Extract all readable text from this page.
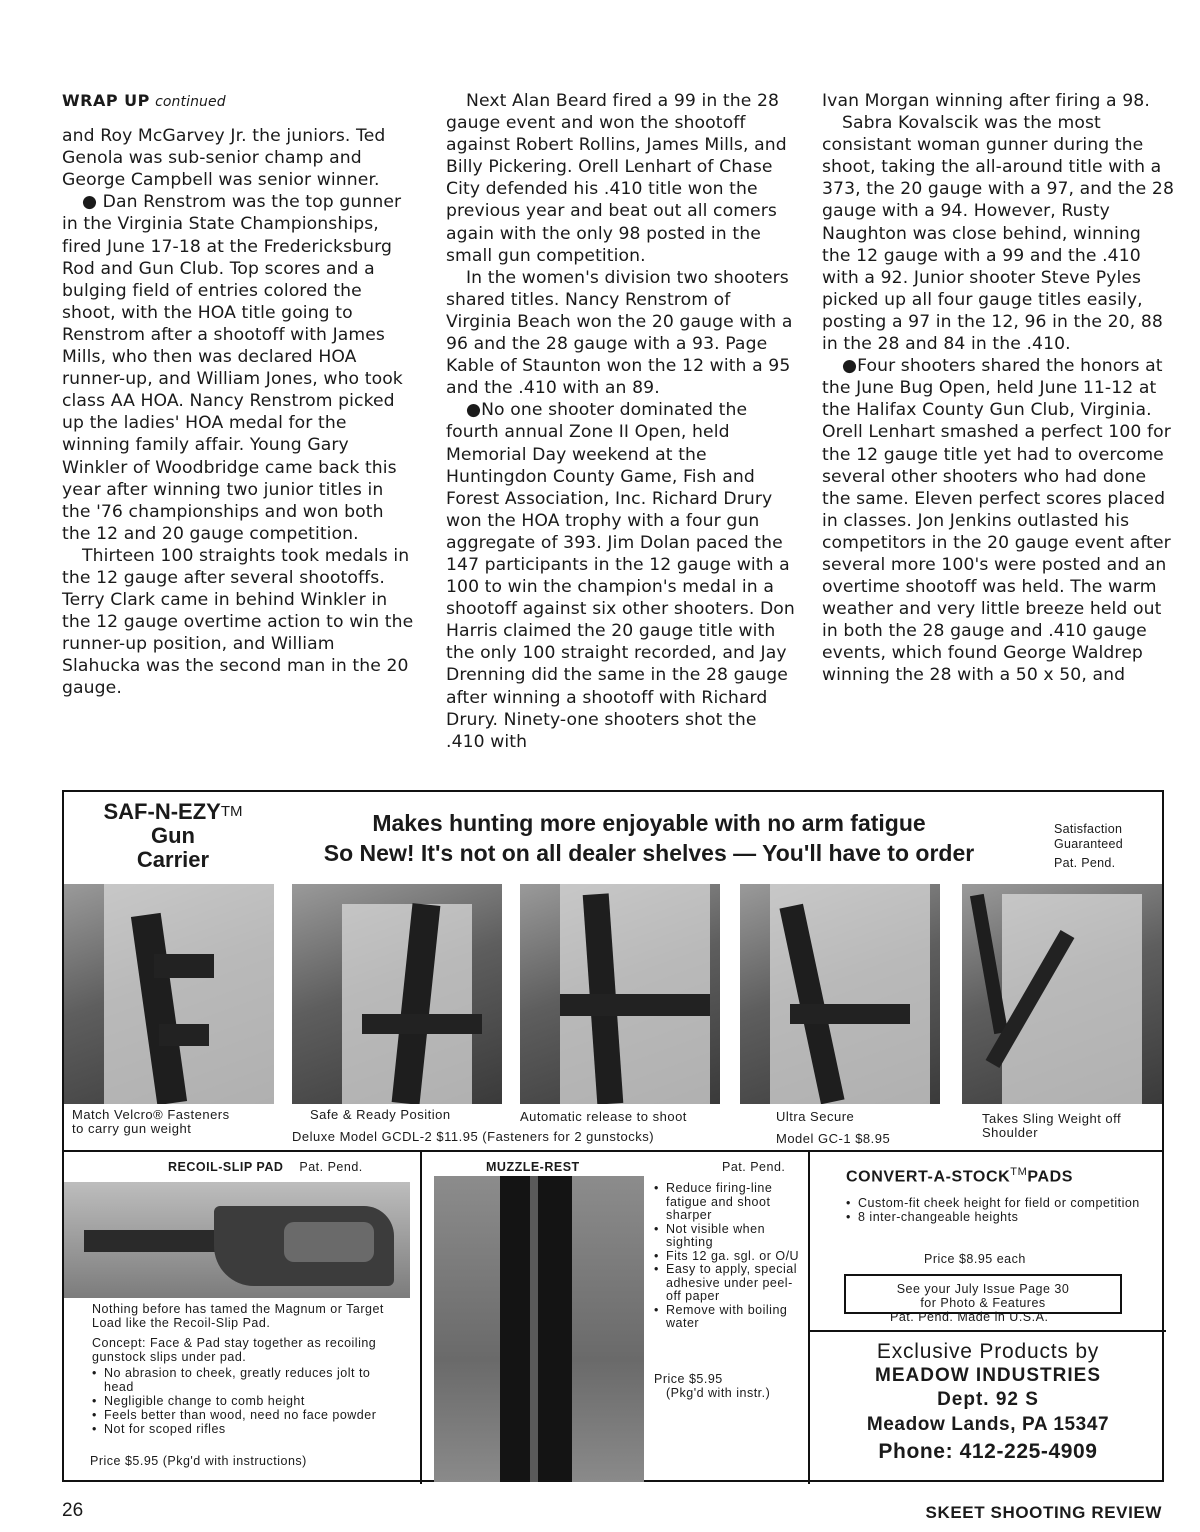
WRAP UP continued

and Roy McGarvey Jr. the juniors. Ted Genola was sub-senior champ and George Campbell was senior winner.

● Dan Renstrom was the top gunner in the Virginia State Championships, fired June 17-18 at the Fredericksburg Rod and Gun Club. Top scores and a bulging field of entries colored the shoot, with the HOA title going to Renstrom after a shootoff with James Mills, who then was declared HOA runner-up, and William Jones, who took class AA HOA. Nancy Renstrom picked up the ladies' HOA medal for the winning family affair. Young Gary Winkler of Woodbridge came back this year after winning two junior titles in the '76 championships and won both the 12 and 20 gauge competition.

Thirteen 100 straights took medals in the 12 gauge after several shootoffs. Terry Clark came in behind Winkler in the 12 gauge overtime action to win the runner-up position, and William Slahucka was the second man in the 20 gauge.

Next Alan Beard fired a 99 in the 28 gauge event and won the shootoff against Robert Rollins, James Mills, and Billy Pickering. Orell Lenhart of Chase City defended his .410 title won the previous year and beat out all comers again with the only 98 posted in the small gun competition.

In the women's division two shooters shared titles. Nancy Renstrom of Virginia Beach won the 20 gauge with a 96 and the 28 gauge with a 93. Page Kable of Staunton won the 12 with a 95 and the .410 with an 89.

●No one shooter dominated the fourth annual Zone II Open, held Memorial Day weekend at the Huntingdon County Game, Fish and Forest Association, Inc. Richard Drury won the HOA trophy with a four gun aggregate of 393. Jim Dolan paced the 147 participants in the 12 gauge with a 100 to win the champion's medal in a shootoff against six other shooters. Don Harris claimed the 20 gauge title with the only 100 straight recorded, and Jay Drenning did the same in the 28 gauge after winning a shootoff with Richard Drury. Ninety-one shooters shot the .410 with

Ivan Morgan winning after firing a 98.

Sabra Kovalscik was the most consistant woman gunner during the shoot, taking the all-around title with a 373, the 20 gauge with a 97, and the 28 gauge with a 94. However, Rusty Naughton was close behind, winning the 12 gauge with a 99 and the .410 with a 92. Junior shooter Steve Pyles picked up all four gauge titles easily, posting a 97 in the 12, 96 in the 20, 88 in the 28 and 84 in the .410.

●Four shooters shared the honors at the June Bug Open, held June 11-12 at the Halifax County Gun Club, Virginia. Orell Lenhart smashed a perfect 100 for the 12 gauge title yet had to overcome several other shooters who had done the same. Eleven perfect scores placed in classes. Jon Jenkins outlasted his competitors in the 20 gauge event after several more 100's were posted and an overtime shootoff was held. The warm weather and very little breeze held out in both the 28 gauge and .410 gauge events, which found George Waldrep winning the 28 with a 50 x 50, and

SAF-N-EZY™
Gun
Carrier
Makes hunting more enjoyable with no arm fatigue
So New! It's not on all dealer shelves — You'll have to order
Satisfaction
Guaranteed
Pat. Pend.
Match Velcro® Fasteners
to carry gun weight
Safe & Ready Position	Automatic release to shoot	Ultra Secure	Takes Sling Weight off
Shoulder
Deluxe Model GCDL-2 $11.95 (Fasteners for 2 gunstocks)	Model GC-1 $8.95
RECOIL-SLIP PAD Pat. Pend.
Nothing before has tamed the Magnum or Target Load like the Recoil-Slip Pad.
Concept: Face & Pad stay together as recoiling gunstock slips under pad.
• No abrasion to cheek, greatly reduces jolt to head
• Negligible change to comb height
• Feels better than wood, need no face powder
• Not for scoped rifles
Price $5.95 (Pkg'd with instructions)
MUZZLE-REST	Pat. Pend.
• Reduce firing-line fatigue and shoot sharper
• Not visible when sighting
• Fits 12 ga. sgl. or O/U
• Easy to apply, special adhesive under peel-off paper
• Remove with boiling water
Price $5.95
(Pkg'd with instr.)
CONVERT-A-STOCK™PADS
• Custom-fit cheek height for field or competition
• 8 inter-changeable heights
Price $8.95 each
See your July Issue Page 30
for Photo & Features
Pat. Pend. Made in U.S.A.
Exclusive Products by
MEADOW INDUSTRIES
Dept. 92 S
Meadow Lands, PA 15347
Phone: 412-225-4909
26	SKEET SHOOTING REVIEW
